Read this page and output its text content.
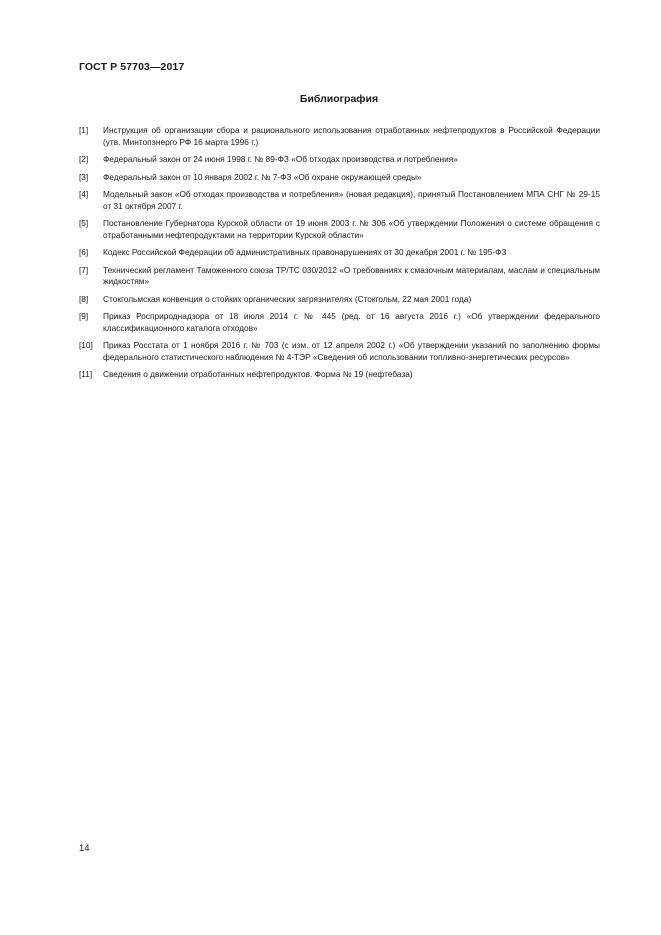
ГОСТ Р 57703—2017
Библиография
[1]	Инструкция об организации сбора и рационального использования отработанных нефтепродуктов в Российской Федерации (утв. Минтопэнерго РФ 16 марта 1996 г.)
[2]	Федеральный закон от 24 июня 1998 г. № 89-ФЗ «Об отходах производства и потребления»
[3]	Федеральный закон от 10 января 2002 г. № 7-ФЗ «Об охране окружающей среды»
[4]	Модельный закон «Об отходах производства и потребления» (новая редакция), принятый Постановлением МПА СНГ № 29-15 от 31 октября 2007 г.
[5]	Постановление Губернатора Курской области от 19 июня 2003 г. № 306 «Об утверждении Положения о системе обращения с отработанными нефтепродуктами на территории Курской области»
[6]	Кодекс Российской Федерации об административных правонарушениях от 30 декабря 2001 г. № 195-ФЗ
[7]	Технический регламент Таможенного союза ТР/ТС 030/2012 «О требованиях к смазочным материалам, маслам и специальным жидкостям»
[8]	Стокгольмская конвенция о стойких органических загрязнителях (Стокгольм, 22 мая 2001 года)
[9]	Приказ Росприроднадзора от 18 июля 2014 г. № 445 (ред. от 16 августа 2016 г.) «Об утверждении федерального классификационного каталога отходов»
[10]	Приказ Росстата от 1 ноября 2016 г. № 703 (с изм. от 12 апреля 2002 г.) «Об утверждении указаний по заполнению формы федерального статистического наблюдения № 4-ТЭР «Сведения об использовании топливно-энергетических ресурсов»
[11]	Сведения о движении отработанных нефтепродуктов. Форма № 19 (нефтебаза)
14
